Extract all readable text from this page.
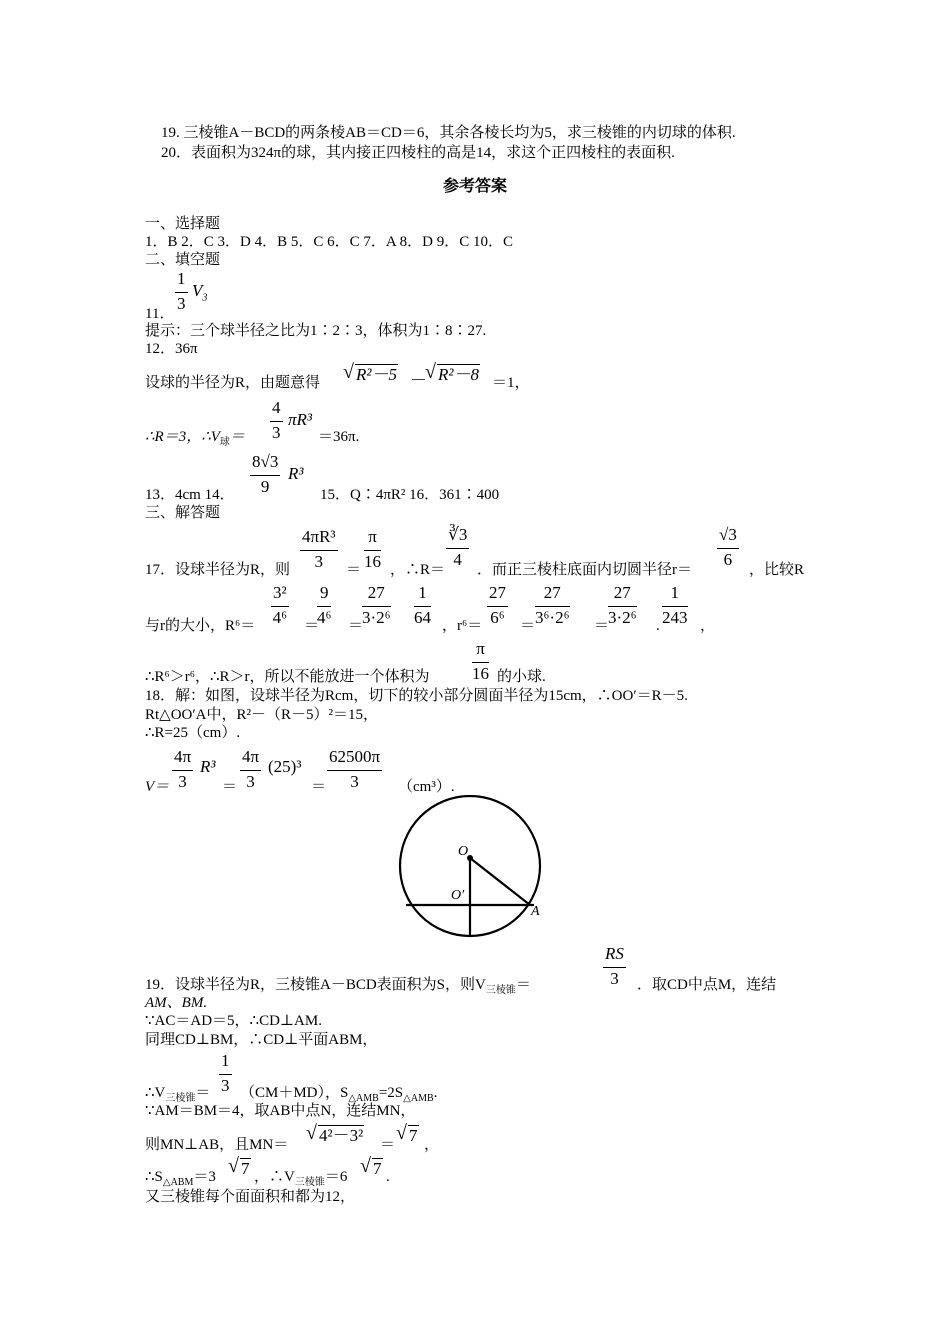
19. 三棱锥A－BCD的两条棱AB＝CD＝6，其余各棱长均为5，求三棱锥的内切球的体积.
20．表面积为324π的球，其内接正四棱柱的高是14，求这个正四棱柱的表面积.
参考答案
一、选择题
1．B 2．C 3．D 4．B 5．C 6．C 7．A 8．D 9．C 10．C
二、填空题
$\frac{1}{3} V_3$
11．
提示：三个球半径之比为1∶2∶3，体积为1∶8∶27.
12．36π
设球的半径为R，由题意得 √ R²－5 －
√ R²－8 ＝1，
$\frac{4}{3} \pi R^3$
∴R＝3，$\therefore V_球=$	＝36π.
$\frac{8√3}{9} R^3$
13．4cm 14．	15．Q∶4πR² 16．361∶400
三、解答题
$\frac{\text{4πR³}}{3} \frac{\pi}{16}$	$\frac{∛3}{4}$	$\frac{√3}{6}$
17．设球半径为R，则	＝ ，∴R＝ ．而正三棱柱底面内切圆半径r＝	，比较R
$\frac{\text{3²}}{\text{4⁶}}$ ＝
$\frac{9}{\text{4⁶}}$ ＝
$\frac{27}{\text{3·2⁶}} \frac{1}{64}$
与r的大小，R⁶＝	，$r^6= \frac{27}{\text{6⁶}} = \frac{27}{\text{3⁶·2⁶}}$ ＝
$\frac{27}{\text{3·2⁶}}$ . $\frac{1}{243}$ ，
$\frac{\pi}{16}$
∴R⁶＞r⁶，∴R＞r，所以不能放进一个体积为	的小球.
18．解：如图，设球半径为Rcm，切下的较小部分圆面半径为15cm，∴OO′＝R－5.
Rt△OO′A中，R²－（R－5）²＝15，
∴R=25（cm）.
$\frac{4\pi}{3} R^3 \frac{4\pi}{3} (25)^3 \frac{62500\pi}{3}$
V＝	＝	＝	（cm³）.
O
O′
A
$\frac{RS}{3}$
19．设球半径为R，三棱锥A－BCD表面积为S，则$V_{三棱锥}=$	．取CD中点M，连结
AM、BM.
∵AC＝AD＝5，∴CD⊥AM.
同理CD⊥BM，∴CD⊥平面ABM，
$\frac{1}{3}$
$\therefore V_{三棱锥}= (CM+MD)$，$S_{\triangle AMB}=2S_{\triangle AMB}$.
∵AM＝BM＝4，取AB中点N，连结MN，
则MN⊥AB，且MN＝
√ 4²－3² ＝
√ 7 ，
$\therefore S_{\triangle ABM}=3$ √ 7 ，$\therefore V_{三棱锥}=6$ √ 7 .
又三棱锥每个面面积和都为12，
